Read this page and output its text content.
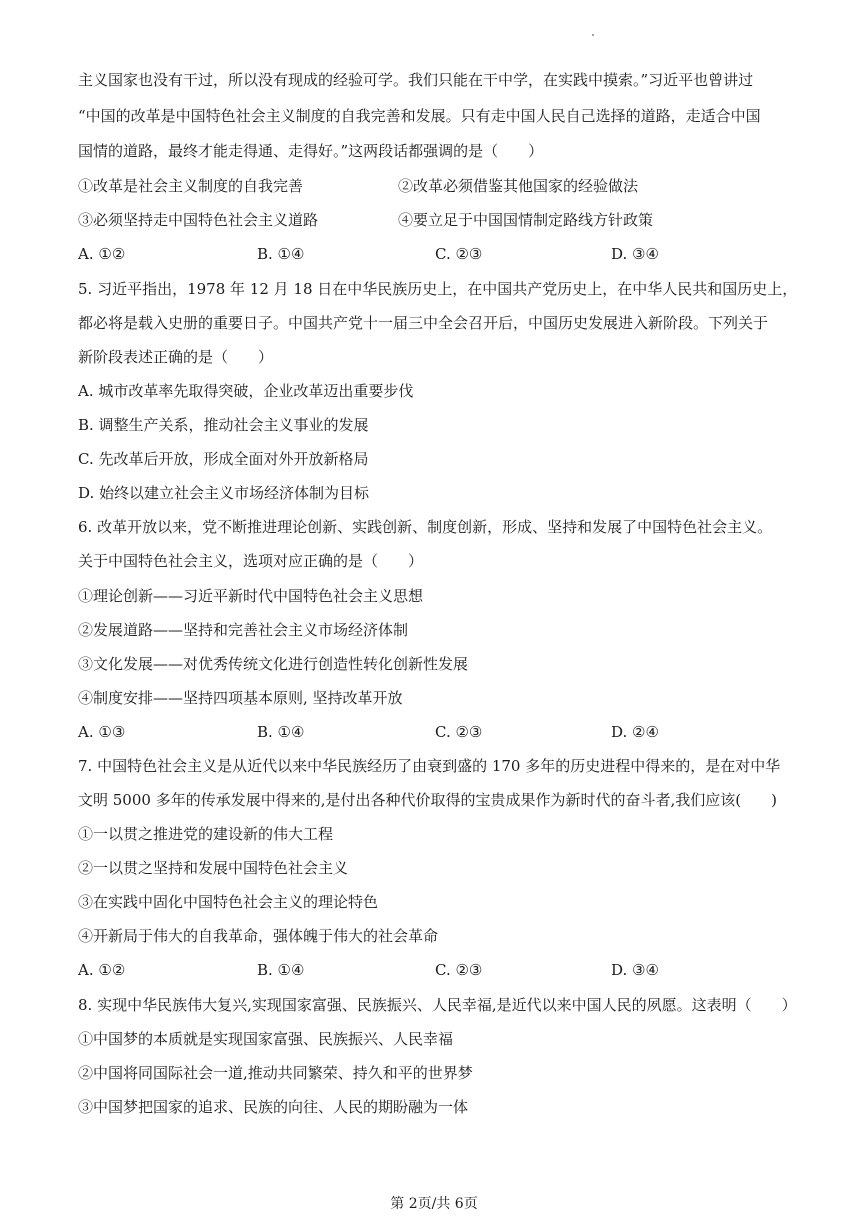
主义国家也没有干过，所以没有现成的经验可学。我们只能在干中学，在实践中摸索。”习近平也曾讲过
“中国的改革是中国特色社会主义制度的自我完善和发展。只有走中国人民自己选择的道路，走适合中国
国情的道路，最终才能走得通、走得好。”这两段话都强调的是（　　）
①改革是社会主义制度的自我完善	②改革必须借鉴其他国家的经验做法
③必须坚持走中国特色社会主义道路	④要立足于中国国情制定路线方针政策
A. ①②	B. ①④	C. ②③	D. ③④
5. 习近平指出，1978 年 12 月 18 日在中华民族历史上，在中国共产党历史上，在中华人民共和国历史上，
都必将是载入史册的重要日子。中国共产党十一届三中全会召开后，中国历史发展进入新阶段。下列关于
新阶段表述正确的是（　　）
A. 城市改革率先取得突破，企业改革迈出重要步伐
B. 调整生产关系，推动社会主义事业的发展
C. 先改革后开放，形成全面对外开放新格局
D. 始终以建立社会主义市场经济体制为目标
6. 改革开放以来，党不断推进理论创新、实践创新、制度创新，形成、坚持和发展了中国特色社会主义。
关于中国特色社会主义，选项对应正确的是（　　）
①理论创新——习近平新时代中国特色社会主义思想
②发展道路——坚持和完善社会主义市场经济体制
③文化发展——对优秀传统文化进行创造性转化创新性发展
④制度安排——坚持四项基本原则, 坚持改革开放
A. ①③	B. ①④	C. ②③	D. ②④
7. 中国特色社会主义是从近代以来中华民族经历了由衰到盛的 170 多年的历史进程中得来的，是在对中华
文明 5000 多年的传承发展中得来的,是付出各种代价取得的宝贵成果作为新时代的奋斗者,我们应该(　　)
①一以贯之推进党的建设新的伟大工程
②一以贯之坚持和发展中国特色社会主义
③在实践中固化中国特色社会主义的理论特色
④开新局于伟大的自我革命，强体魄于伟大的社会革命
A. ①②	B. ①④	C. ②③	D. ③④
8. 实现中华民族伟大复兴,实现国家富强、民族振兴、人民幸福,是近代以来中国人民的夙愿。这表明（　　）
①中国梦的本质就是实现国家富强、民族振兴、人民幸福
②中国将同国际社会一道,推动共同繁荣、持久和平的世界梦
③中国梦把国家的追求、民族的向往、人民的期盼融为一体
第 2页/共 6页
